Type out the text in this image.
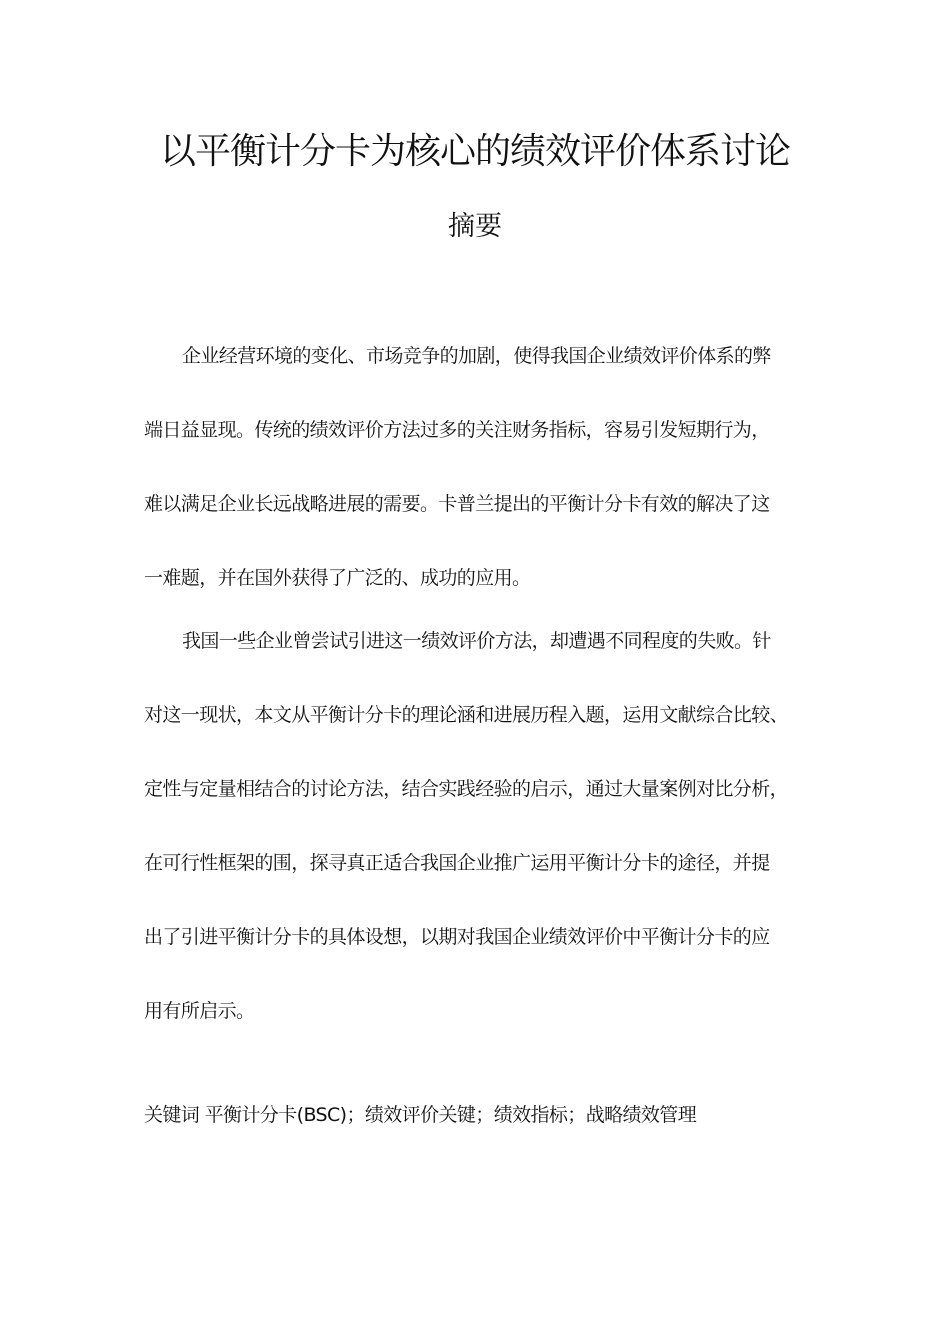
以平衡计分卡为核心的绩效评价体系讨论
摘要
企业经营环境的变化、市场竞争的加剧，使得我国企业绩效评价体系的弊
端日益显现。传统的绩效评价方法过多的关注财务指标，容易引发短期行为，
难以满足企业长远战略进展的需要。卡普兰提出的平衡计分卡有效的解决了这
一难题，并在国外获得了广泛的、成功的应用。
我国一些企业曾尝试引进这一绩效评价方法，却遭遇不同程度的失败。针
对这一现状，本文从平衡计分卡的理论涵和进展历程入题，运用文献综合比较、
定性与定量相结合的讨论方法，结合实践经验的启示，通过大量案例对比分析，
在可行性框架的围，探寻真正适合我国企业推广运用平衡计分卡的途径，并提
出了引进平衡计分卡的具体设想，以期对我国企业绩效评价中平衡计分卡的应
用有所启示。
关键词 平衡计分卡(BSC)；绩效评价关键；绩效指标；战略绩效管理
